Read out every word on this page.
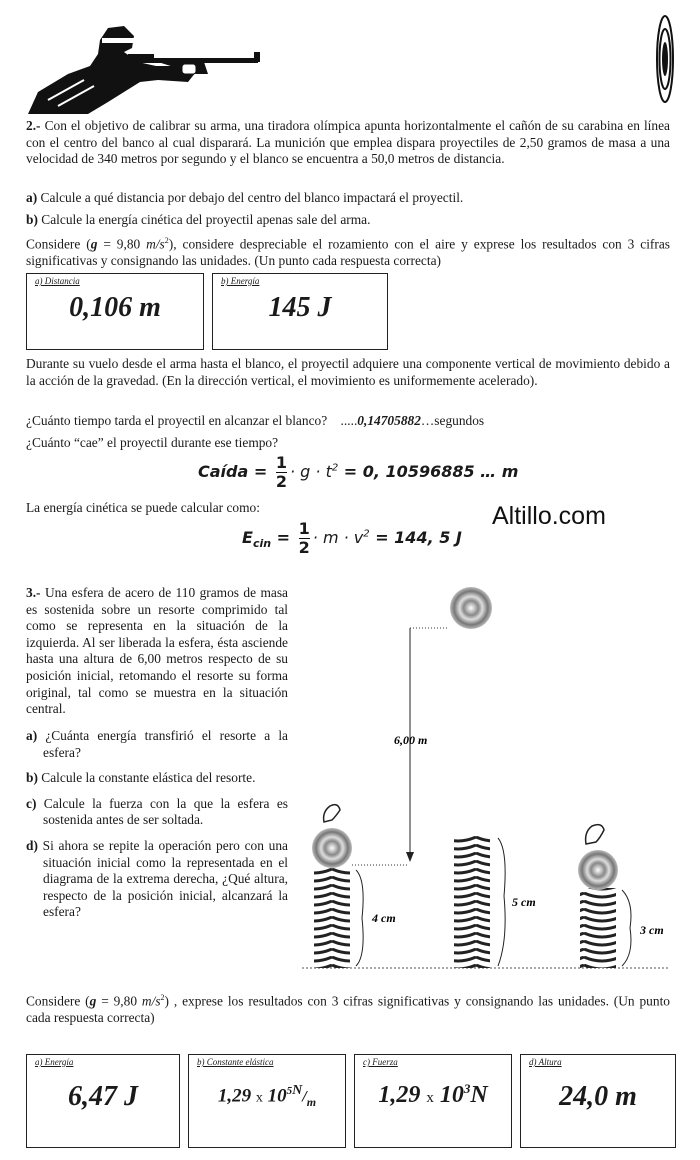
2.- Con el objetivo de calibrar su arma, una tiradora olímpica apunta horizontalmente el cañón de su carabina en línea con el centro del banco al cual disparará. La munición que emplea dispara proyectiles de 2,50 gramos de masa a una velocidad de 340 metros por segundo y el blanco se encuentra a 50,0 metros de distancia.

a) Calcule a qué distancia por debajo del centro del blanco impactará el proyectil.

b) Calcule la energía cinética del proyectil apenas sale del arma.

Considere (g = 9,80 $m/s^2$), considere despreciable el rozamiento con el aire y exprese los resultados con 3 cifras significativas y consignando las unidades. (Un punto cada respuesta correcta)

a) Distancia
0,106 m
b) Energía
145 J

Durante su vuelo desde el arma hasta el blanco, el proyectil adquiere una componente vertical de movimiento debido a la acción de la gravedad. (En la dirección vertical, el movimiento es uniformemente acelerado).

¿Cuánto tiempo tarda el proyectil en alcanzar el blanco? .....0,14705882…segundos

¿Cuánto “cae” el proyectil durante ese tiempo?

Caída = $\frac{1}{2} \cdot g \cdot t^2 = 0$, 10596885 … m

La energía cinética se puede calcular como:	Altillo.com
$E_{cin} = \frac{1}{2} \cdot m \cdot v^2 = 144$, 5 J

3.- Una esfera de acero de 110 gramos de masa es sostenida sobre un resorte comprimido tal como se representa en la situación de la izquierda. Al ser liberada la esfera, ésta asciende hasta una altura de 6,00 metros respecto de su posición inicial, retomando el resorte su forma original, tal como se muestra en la situación central.

a) ¿Cuánta energía transfirió el resorte a la esfera?

b) Calcule la constante elástica del resorte.

c) Calcule la fuerza con la que la esfera es sostenida antes de ser soltada.

d) Si ahora se repite la operación pero con una situación inicial como la representada en el diagrama de la extrema derecha, ¿Qué altura, respecto de la posición inicial, alcanzará la esfera?

6,00 m
4 cm
5 cm
3 cm

Considere (g = 9,80 $m/s^2$) , exprese los resultados con 3 cifras significativas y consignando las unidades. (Un punto cada respuesta correcta)

a) Energía
6,47 J
b) Constante elástica
1,29 x $10^{5N}/_m$
c) Fuerza
1,29 x $10^3N$
d) Altura
24,0 m
